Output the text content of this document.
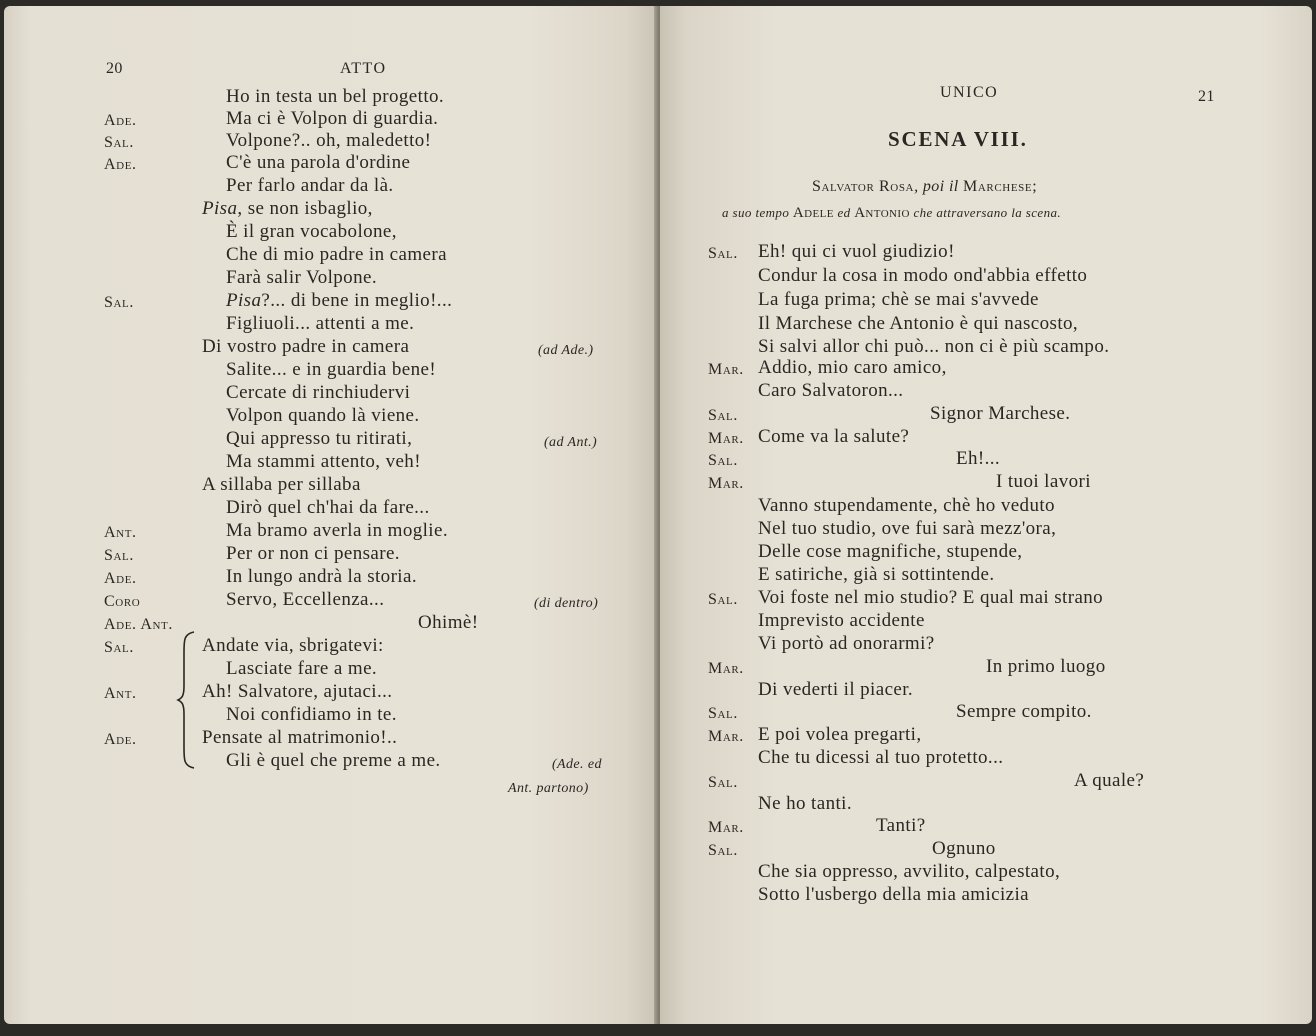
20	ATTO
Ho in testa un bel progetto.
Ade.	Ma ci è Volpon di guardia.
Sal.	Volpone?.. oh, maledetto!
Ade.	C'è una parola d'ordine
Per farlo andar da là.
Pisa, se non isbaglio,
È il gran vocabolone,
Che di mio padre in camera
Farà salir Volpone.
Sal.	Pisa?... di bene in meglio!...
Figliuoli... attenti a me.
Di vostro padre in camera	(ad Ade.)
Salite... e in guardia bene!
Cercate di rinchiudervi
Volpon quando là viene.
Qui appresso tu ritirati,	(ad Ant.)
Ma stammi attento, veh!
A sillaba per sillaba
Dirò quel ch'hai da fare...
Ant.	Ma bramo averla in moglie.
Sal.	Per or non ci pensare.
Ade.	In lungo andrà la storia.
Coro	Servo, Eccellenza...	(di dentro)
Ade. Ant.	Ohimè!
Sal.	Andate via, sbrigatevi:
Lasciate fare a me.
Ant.	Ah! Salvatore, ajutaci...
Noi confidiamo in te.
Ade.	Pensate al matrimonio!..
Gli è quel che preme a me.	(Ade. ed
Ant. partono)
UNICO	21
SCENA VIII.
Salvator Rosa, poi il Marchese;
a suo tempo Adele ed Antonio che attraversano la scena.
Sal. Eh! qui ci vuol giudizio!
Condur la cosa in modo ond'abbia effetto
La fuga prima; chè se mai s'avvede
Il Marchese che Antonio è qui nascosto,
Si salvi allor chi può... non ci è più scampo.
Mar. Addio, mio caro amico,
Caro Salvatoron...
Sal.	Signor Marchese.
Mar. Come va la salute?
Sal.	Eh!...
Mar.	I tuoi lavori
Vanno stupendamente, chè ho veduto
Nel tuo studio, ove fui sarà mezz'ora,
Delle cose magnifiche, stupende,
E satiriche, già si sottintende.
Sal. Voi foste nel mio studio? E qual mai strano
Imprevisto accidente
Vi portò ad onorarmi?
Mar.	In primo luogo
Di vederti il piacer.
Sal.	Sempre compito.
Mar. E poi volea pregarti,
Che tu dicessi al tuo protetto...
Sal.	A quale?
Ne ho tanti.
Mar.	Tanti?
Sal.	Ognuno
Che sia oppresso, avvilito, calpestato,
Sotto l'usbergo della mia amicizia
